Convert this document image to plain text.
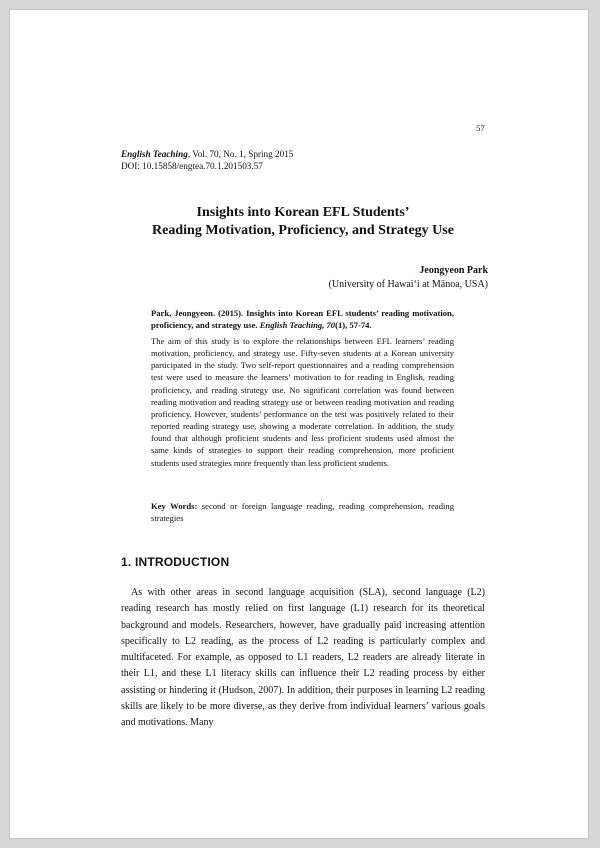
57
English Teaching, Vol. 70, No. 1, Spring 2015
DOI: 10.15858/engtea.70.1.201503.57
Insights into Korean EFL Students’
Reading Motivation, Proficiency, and Strategy Use
Jeongyeon Park
(University of Hawai‘i at Mānoa, USA)
Park, Jeongyeon. (2015). Insights into Korean EFL students’ reading motivation, proficiency, and strategy use. English Teaching, 70(1), 57-74.
The aim of this study is to explore the relationships between EFL learners’ reading motivation, proficiency, and strategy use. Fifty-seven students at a Korean university participated in the study. Two self-report questionnaires and a reading comprehension test were used to measure the learners’ motivation to for reading in English, reading proficiency, and reading strategy use. No significant correlation was found between reading motivation and reading strategy use or between reading motivation and reading proficiency. However, students’ performance on the test was positively related to their reported reading strategy use, showing a moderate correlation. In addition, the study found that although proficient students and less proficient students used almost the same kinds of strategies to support their reading comprehension, more proficient students used strategies more frequently than less proficient students.
Key Words: second or foreign language reading, reading comprehension, reading strategies
1. INTRODUCTION
As with other areas in second language acquisition (SLA), second language (L2) reading research has mostly relied on first language (L1) research for its theoretical background and models. Researchers, however, have gradually paid increasing attention specifically to L2 reading, as the process of L2 reading is particularly complex and multifaceted. For example, as opposed to L1 readers, L2 readers are already literate in their L1, and these L1 literacy skills can influence their L2 reading process by either assisting or hindering it (Hudson, 2007). In addition, their purposes in learning L2 reading skills are likely to be more diverse, as they derive from individual learners’ various goals and motivations. Many
